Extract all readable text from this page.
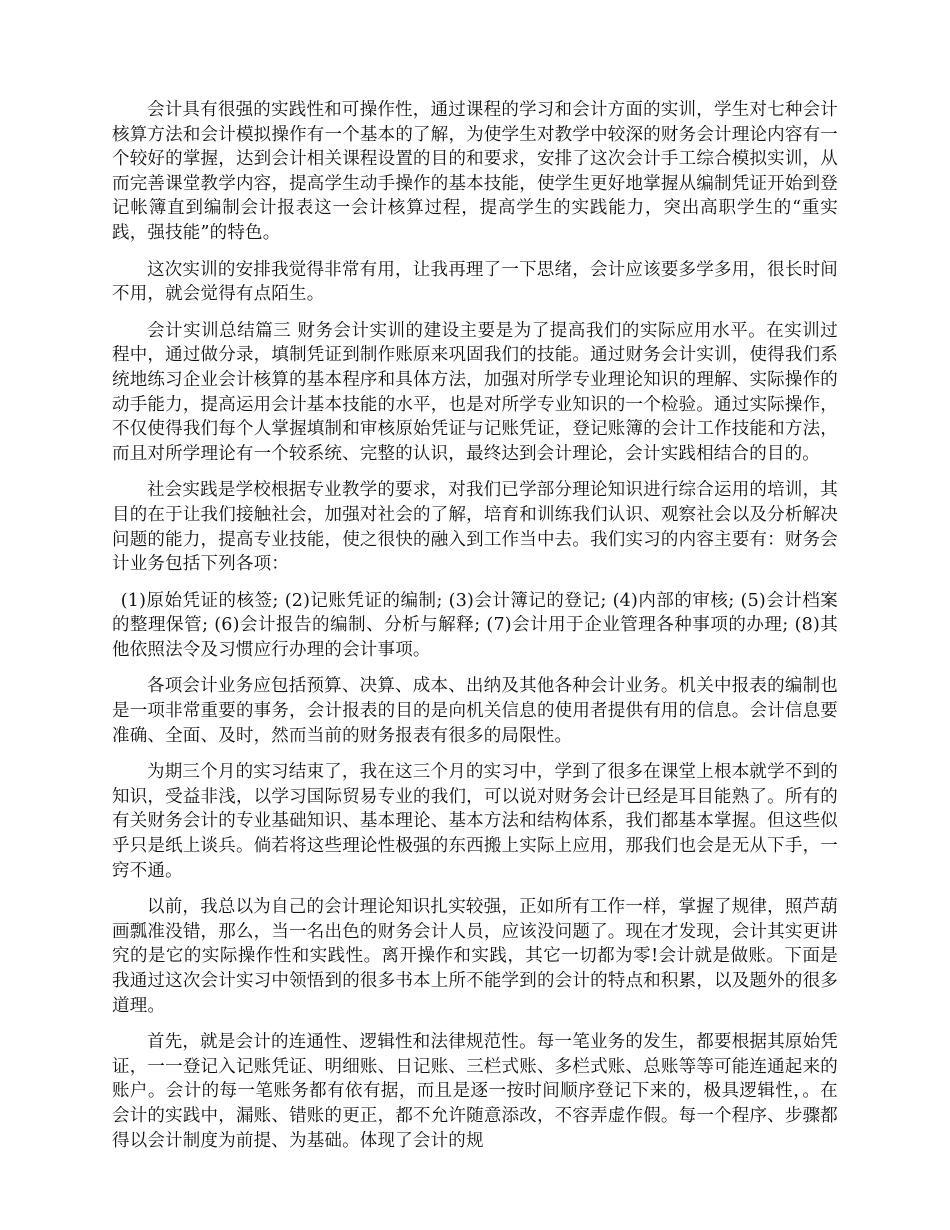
会计具有很强的实践性和可操作性，通过课程的学习和会计方面的实训，学生对七种会计核算方法和会计模拟操作有一个基本的了解，为使学生对教学中较深的财务会计理论内容有一个较好的掌握，达到会计相关课程设置的目的和要求，安排了这次会计手工综合模拟实训，从而完善课堂教学内容，提高学生动手操作的基本技能，使学生更好地掌握从编制凭证开始到登记帐簿直到编制会计报表这一会计核算过程，提高学生的实践能力，突出高职学生的“重实践，强技能”的特色。

这次实训的安排我觉得非常有用，让我再理了一下思绪，会计应该要多学多用，很长时间不用，就会觉得有点陌生。

会计实训总结篇三 财务会计实训的建设主要是为了提高我们的实际应用水平。在实训过程中，通过做分录，填制凭证到制作账原来巩固我们的技能。通过财务会计实训，使得我们系统地练习企业会计核算的基本程序和具体方法，加强对所学专业理论知识的理解、实际操作的动手能力，提高运用会计基本技能的水平，也是对所学专业知识的一个检验。通过实际操作，不仅使得我们每个人掌握填制和审核原始凭证与记账凭证，登记账簿的会计工作技能和方法，而且对所学理论有一个较系统、完整的认识，最终达到会计理论，会计实践相结合的目的。

社会实践是学校根据专业教学的要求，对我们已学部分理论知识进行综合运用的培训，其目的在于让我们接触社会，加强对社会的了解，培育和训练我们认识、观察社会以及分析解决问题的能力，提高专业技能，使之很快的融入到工作当中去。我们实习的内容主要有：财务会计业务包括下列各项：

(1)原始凭证的核签; (2)记账凭证的编制; (3)会计簿记的登记; (4)内部的审核; (5)会计档案的整理保管; (6)会计报告的编制、分析与解释; (7)会计用于企业管理各种事项的办理; (8)其他依照法令及习惯应行办理的会计事项。

各项会计业务应包括预算、决算、成本、出纳及其他各种会计业务。机关中报表的编制也是一项非常重要的事务，会计报表的目的是向机关信息的使用者提供有用的信息。会计信息要准确、全面、及时，然而当前的财务报表有很多的局限性。

为期三个月的实习结束了，我在这三个月的实习中，学到了很多在课堂上根本就学不到的知识，受益非浅，以学习国际贸易专业的我们，可以说对财务会计已经是耳目能熟了。所有的有关财务会计的专业基础知识、基本理论、基本方法和结构体系，我们都基本掌握。但这些似乎只是纸上谈兵。倘若将这些理论性极强的东西搬上实际上应用，那我们也会是无从下手，一窍不通。

以前，我总以为自己的会计理论知识扎实较强，正如所有工作一样，掌握了规律，照芦葫画瓢准没错，那么，当一名出色的财务会计人员，应该没问题了。现在才发现，会计其实更讲究的是它的实际操作性和实践性。离开操作和实践，其它一切都为零!会计就是做账。下面是我通过这次会计实习中领悟到的很多书本上所不能学到的会计的特点和积累，以及题外的很多道理。

首先，就是会计的连通性、逻辑性和法律规范性。每一笔业务的发生，都要根据其原始凭证，一一登记入记账凭证、明细账、日记账、三栏式账、多栏式账、总账等等可能连通起来的账户。会计的每一笔账务都有依有据，而且是逐一按时间顺序登记下来的，极具逻辑性，。在会计的实践中，漏账、错账的更正，都不允许随意添改，不容弄虚作假。每一个程序、步骤都得以会计制度为前提、为基础。体现了会计的规
